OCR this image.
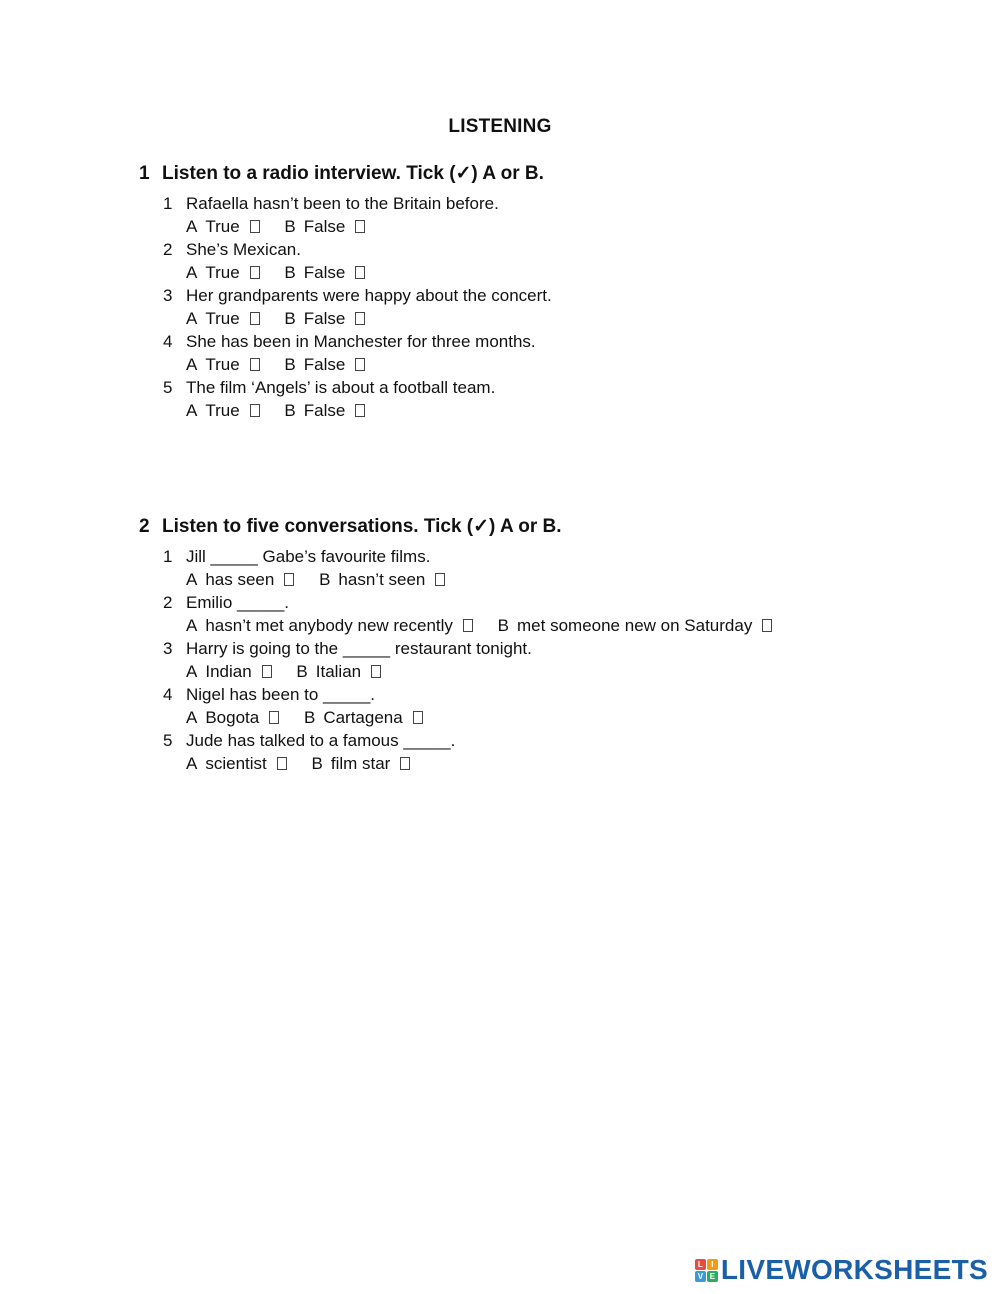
LISTENING
1 Listen to a radio interview. Tick (✓) A or B.
1 Rafaella hasn’t been to the Britain before.
A True	B False
2 She’s Mexican.
A True	B False
3 Her grandparents were happy about the concert.
A True	B False
4 She has been in Manchester for three months.
A True	B False
5 The film ‘Angels’ is about a football team.
A True	B False
2 Listen to five conversations. Tick (✓) A or B.
1 Jill _____ Gabe’s favourite films.
A has seen	B hasn’t seen
2 Emilio _____.
A hasn’t met anybody new recently	B met someone new on Saturday
3 Harry is going to the _____ restaurant tonight.
A Indian	B Italian
4 Nigel has been to _____.
A Bogota	B Cartagena
5 Jude has talked to a famous _____.
A scientist	B film star
L	I
V E LIVEWORKSHEETS
